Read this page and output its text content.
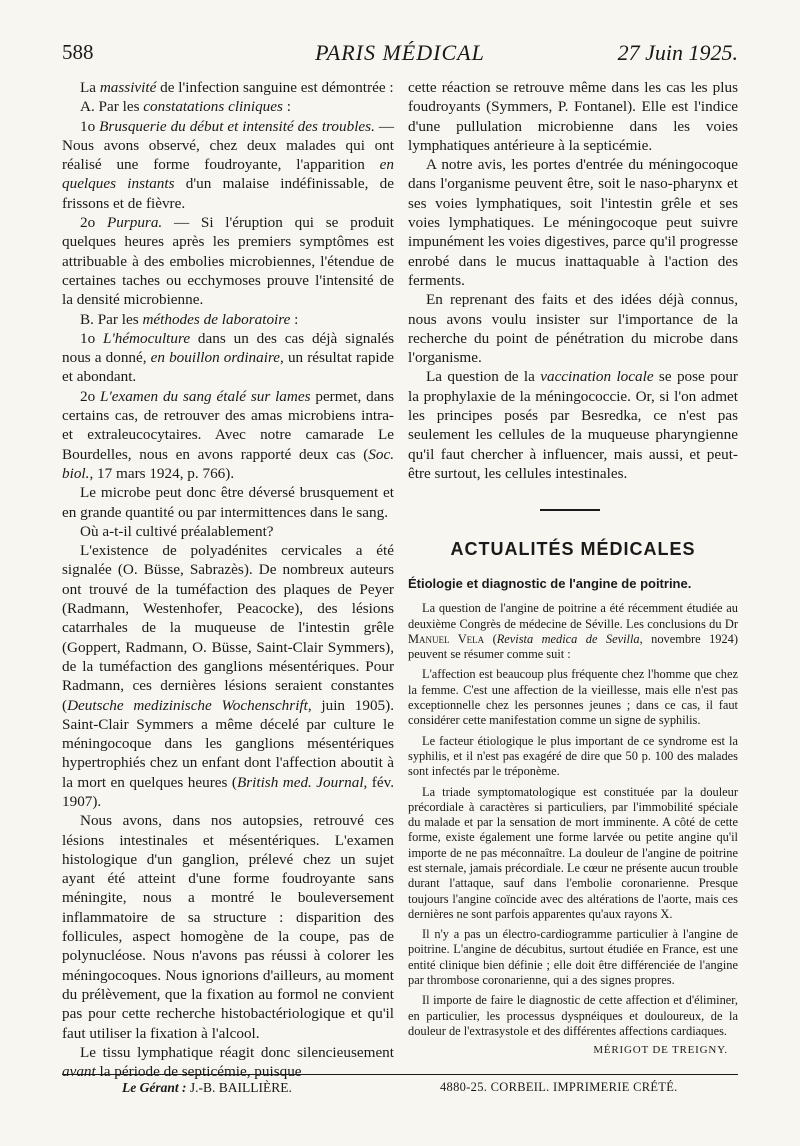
588	PARIS MÉDICAL	27 Juin 1925.

La massivité de l'infection sanguine est démontrée :

A. Par les constatations cliniques :

1o Brusquerie du début et intensité des troubles. — Nous avons observé, chez deux malades qui ont réalisé une forme foudroyante, l'apparition en quelques instants d'un malaise indéfinissable, de frissons et de fièvre.

2o Purpura. — Si l'éruption qui se produit quelques heures après les premiers symptômes est attribuable à des embolies microbiennes, l'étendue de certaines taches ou ecchymoses prouve l'intensité de la densité microbienne.

B. Par les méthodes de laboratoire :

1o L'hémoculture dans un des cas déjà signalés nous a donné, en bouillon ordinaire, un résultat rapide et abondant.

2o L'examen du sang étalé sur lames permet, dans certains cas, de retrouver des amas microbiens intra- et extraleucocytaires. Avec notre camarade Le Bourdelles, nous en avons rapporté deux cas (Soc. biol., 17 mars 1924, p. 766).

Le microbe peut donc être déversé brusquement et en grande quantité ou par intermittences dans le sang.

Où a-t-il cultivé préalablement?

L'existence de polyadénites cervicales a été signalée (O. Büsse, Sabrazès). De nombreux auteurs ont trouvé de la tuméfaction des plaques de Peyer (Radmann, Westenhofer, Peacocke), des lésions catarrhales de la muqueuse de l'intestin grêle (Goppert, Radmann, O. Büsse, Saint-Clair Symmers), de la tuméfaction des ganglions mésentériques. Pour Radmann, ces dernières lésions seraient constantes (Deutsche medizinische Wochenschrift, juin 1905). Saint-Clair Symmers a même décelé par culture le méningocoque dans les ganglions mésentériques hypertrophiés chez un enfant dont l'affection aboutit à la mort en quelques heures (British med. Journal, fév. 1907).

Nous avons, dans nos autopsies, retrouvé ces lésions intestinales et mésentériques. L'examen histologique d'un ganglion, prélevé chez un sujet ayant été atteint d'une forme foudroyante sans méningite, nous a montré le bouleversement inflammatoire de sa structure : disparition des follicules, aspect homogène de la coupe, pas de polynucléose. Nous n'avons pas réussi à colorer les méningocoques. Nous ignorions d'ailleurs, au moment du prélèvement, que la fixation au formol ne convient pas pour cette recherche histobactériologique et qu'il faut utiliser la fixation à l'alcool.

Le tissu lymphatique réagit donc silencieusement avant la période de septicémie, puisque

cette réaction se retrouve même dans les cas les plus foudroyants (Symmers, P. Fontanel). Elle est l'indice d'une pullulation microbienne dans les voies lymphatiques antérieure à la septicémie.

A notre avis, les portes d'entrée du méningocoque dans l'organisme peuvent être, soit le naso-pharynx et ses voies lymphatiques, soit l'intestin grêle et ses voies lymphatiques. Le méningocoque peut suivre impunément les voies digestives, parce qu'il progresse enrobé dans le mucus inattaquable à l'action des ferments.

En reprenant des faits et des idées déjà connus, nous avons voulu insister sur l'importance de la recherche du point de pénétration du microbe dans l'organisme.

La question de la vaccination locale se pose pour la prophylaxie de la méningococcie. Or, si l'on admet les principes posés par Besredka, ce n'est pas seulement les cellules de la muqueuse pharyngienne qu'il faut chercher à influencer, mais aussi, et peut-être surtout, les cellules intestinales.

ACTUALITÉS MÉDICALES
Étiologie et diagnostic de l'angine de poitrine.

La question de l'angine de poitrine a été récemment étudiée au deuxième Congrès de médecine de Séville. Les conclusions du Dr Manuel Vela (Revista medica de Sevilla, novembre 1924) peuvent se résumer comme suit :

L'affection est beaucoup plus fréquente chez l'homme que chez la femme. C'est une affection de la vieillesse, mais elle n'est pas exceptionnelle chez les personnes jeunes ; dans ce cas, il faut considérer cette manifestation comme un signe de syphilis.

Le facteur étiologique le plus important de ce syndrome est la syphilis, et il n'est pas exagéré de dire que 50 p. 100 des malades sont infectés par le tréponème.

La triade symptomatologique est constituée par la douleur précordiale à caractères si particuliers, par l'immobilité spéciale du malade et par la sensation de mort imminente. A côté de cette forme, existe également une forme larvée ou petite angine qu'il importe de ne pas méconnaître. La douleur de l'angine de poitrine est sternale, jamais précordiale. Le cœur ne présente aucun trouble durant l'attaque, sauf dans l'embolie coronarienne. Presque toujours l'angine coïncide avec des altérations de l'aorte, mais ces dernières ne sont parfois apparentes qu'aux rayons X.

Il n'y a pas un électro-cardiogramme particulier à l'angine de poitrine. L'angine de décubitus, surtout étudiée en France, est une entité clinique bien définie ; elle doit être différenciée de l'angine par thrombose coronarienne, qui a des signes propres.

Il importe de faire le diagnostic de cette affection et d'éliminer, en particulier, les processus dyspnéiques et douloureux, de la douleur de l'extrasystole et des différentes affections cardiaques.

MÉRIGOT DE TREIGNY.
Le Gérant : J.-B. BAILLIÈRE.	4880-25. CORBEIL. IMPRIMERIE CRÉTÉ.
